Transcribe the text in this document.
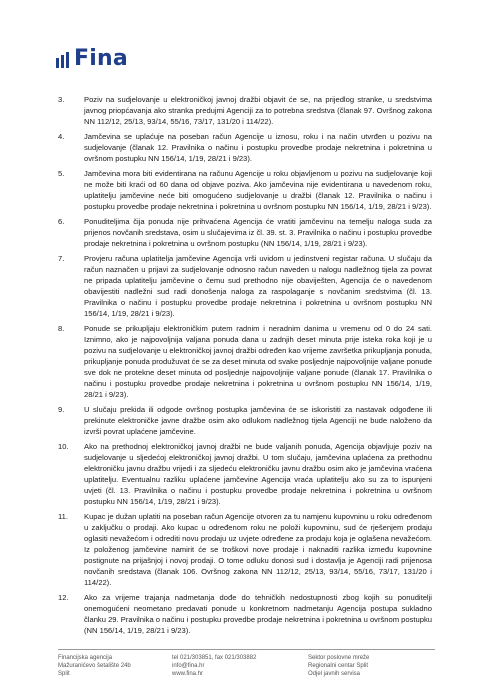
Fina
3.	Poziv na sudjelovanje u elektroničkoj javnoj dražbi objavit će se, na prijedlog stranke, u sredstvima javnog priopćavanja ako stranka predujmi Agenciji za to potrebna sredstva (članak 97. Ovršnog zakona NN 112/12, 25/13, 93/14, 55/16, 73/17, 131/20 i 114/22).
4.	Jamčevina se uplaćuje na poseban račun Agencije u iznosu, roku i na način utvrđen u pozivu na sudjelovanje (članak 12. Pravilnika o načinu i postupku provedbe prodaje nekretnina i pokretnina u ovršnom postupku NN 156/14, 1/19, 28/21 i 9/23).
5.	Jamčevina mora biti evidentirana na računu Agencije u roku objavljenom u pozivu na sudjelovanje koji ne može biti kraći od 60 dana od objave poziva. Ako jamčevina nije evidentirana u navedenom roku, uplatitelju jamčevine neće biti omogućeno sudjelovanje u dražbi (članak 12. Pravilnika o načinu i postupku provedbe prodaje nekretnina i pokretnina u ovršnom postupku NN 156/14, 1/19, 28/21 i 9/23).
6.	Ponuditeljima čija ponuda nije prihvaćena Agencija će vratiti jamčevinu na temelju naloga suda za prijenos novčanih sredstava, osim u slučajevima iz čl. 39. st. 3. Pravilnika o načinu i postupku provedbe prodaje nekretnina i pokretnina u ovršnom postupku (NN 156/14, 1/19, 28/21 i 9/23).
7.	Provjeru računa uplatitelja jamčevine Agencija vrši uvidom u jedinstveni registar računa. U slučaju da račun naznačen u prijavi za sudjelovanje odnosno račun naveden u nalogu nadležnog tijela za povrat ne pripada uplatitelju jamčevine o čemu sud prethodno nije obaviješten, Agencija će o navedenom obavijestiti nadležni sud radi donošenja naloga za raspolaganje s novčanim sredstvima (čl. 13. Pravilnika o načinu i postupku provedbe prodaje nekretnina i pokretnina u ovršnom postupku NN 156/14, 1/19, 28/21 i 9/23).
8.	Ponude se prikupljaju elektroničkim putem radnim i neradnim danima u vremenu od 0 do 24 sati. Iznimno, ako je najpovoljnija valjana ponuda dana u zadnjih deset minuta prije isteka roka koji je u pozivu na sudjelovanje u elektroničkoj javnoj dražbi određen kao vrijeme završetka prikupljanja ponuda, prikupljanje ponuda produžuvat će se za deset minuta od svake posljednje najpovoljnije valjane ponude sve dok ne protekne deset minuta od posljednje najpovoljnije valjane ponude (članak 17. Pravilnika o načinu i postupku provedbe prodaje nekretnina i pokretnina u ovršnom postupku NN 156/14, 1/19, 28/21 i 9/23).
9.	U slučaju prekida ili odgode ovršnog postupka jamčevina će se iskoristiti za nastavak odgođene ili prekinute elektroničke javne dražbe osim ako odlukom nadležnog tijela Agenciji ne bude naloženo da izvrši povrat uplaćene jamčevine.
10.	Ako na prethodnoj elektroničkoj javnoj dražbi ne bude valjanih ponuda, Agencija objavljuje poziv na sudjelovanje u sljedećoj elektroničkoj javnoj dražbi. U tom slučaju, jamčevina uplaćena za prethodnu elektroničku javnu dražbu vrijedi i za sljedeću elektroničku javnu dražbu osim ako je jamčevina vraćena uplatitelju. Eventualnu razliku uplaćene jamčevine Agencija vraća uplatitelju ako su za to ispunjeni uvjeti (čl. 13. Pravilnika o načinu i postupku provedbe prodaje nekretnina i pokretnina u ovršnom postupku NN 156/14, 1/19, 28/21 i 9/23).
11.	Kupac je dužan uplatiti na poseban račun Agencije otvoren za tu namjenu kupovninu u roku određenom u zaključku o prodaji. Ako kupac u određenom roku ne položi kupovninu, sud će rješenjem prodaju oglasiti nevažećom i odrediti novu prodaju uz uvjete određene za prodaju koja je oglašena nevažećom. Iz položenog jamčevine namirit će se troškovi nove prodaje i naknaditi razlika između kupovnine postignute na prijašnjoj i novoj prodaji. O tome odluku donosi sud i dostavlja je Agenciji radi prijenosa novčanih sredstava (članak 106. Ovršnog zakona NN 112/12, 25/13, 93/14, 55/16, 73/17, 131/20 i 114/22).
12.	Ako za vrijeme trajanja nadmetanja dođe do tehničkih nedostupnosti zbog kojih su ponuditelji onemogućeni neometano predavati ponude u konkretnom nadmetanju Agencija postupa sukladno članku 29. Pravilnika o načinu i postupku provedbe prodaje nekretnina i pokretnina u ovršnom postupku (NN 156/14, 1/19, 28/21 i 9/23).
Financijska agencija
Mažuranićevo šetalište 24b
Split
tel 021/303851, fax 021/303882
info@fina.hr
www.fina.hr
Sektor poslovne mreže
Regionalni centar Split
Odjel javnih servisa
